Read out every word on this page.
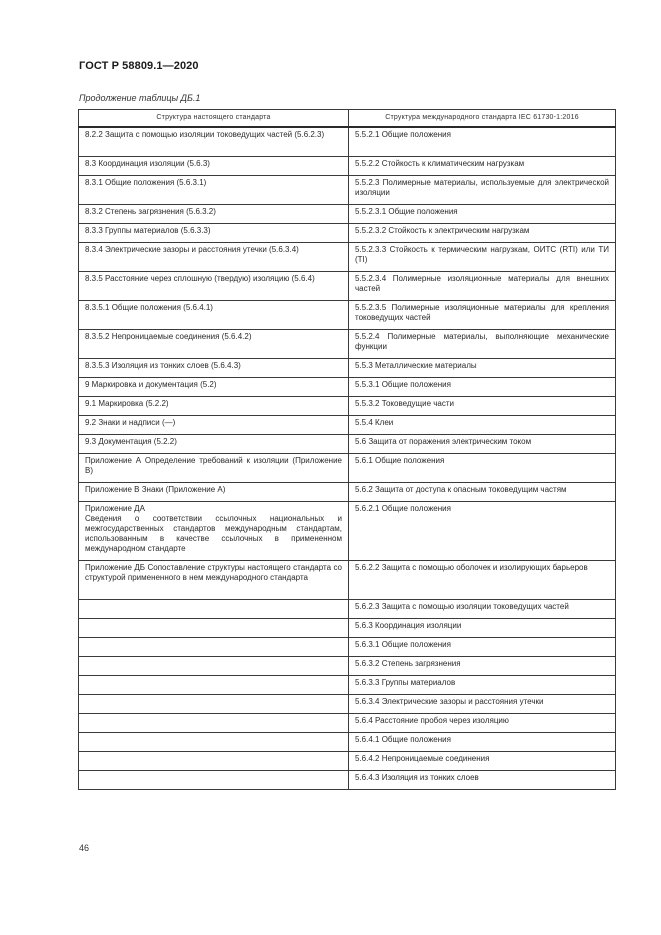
ГОСТ Р 58809.1—2020
Продолжение таблицы ДБ.1
Структура настоящего стандарта	Структура международного стандарта IEC 61730-1:2016
8.2.2 Защита с помощью изоляции токоведущих частей (5.6.2.3)	5.5.2.1 Общие положения
8.3 Координация изоляции (5.6.3)	5.5.2.2 Стойкость к климатическим нагрузкам
8.3.1 Общие положения (5.6.3.1)	5.5.2.3 Полимерные материалы, используемые для электрической изоляции
8.3.2 Степень загрязнения (5.6.3.2)	5.5.2.3.1 Общие положения
8.3.3 Группы материалов (5.6.3.3)	5.5.2.3.2 Стойкость к электрическим нагрузкам
8.3.4 Электрические зазоры и расстояния утечки (5.6.3.4)	5.5.2.3.3 Стойкость к термическим нагрузкам, ОИТС (RTI) или ТИ (TI)
8.3.5 Расстояние через сплошную (твердую) изоляцию (5.6.4)	5.5.2.3.4 Полимерные изоляционные материалы для внешних частей
8.3.5.1 Общие положения (5.6.4.1)	5.5.2.3.5 Полимерные изоляционные материалы для крепления токоведущих частей
8.3.5.2 Непроницаемые соединения (5.6.4.2)	5.5.2.4 Полимерные материалы, выполняющие механические функции
8.3.5.3 Изоляция из тонких слоев (5.6.4.3)	5.5.3 Металлические материалы
9 Маркировка и документация (5.2)	5.5.3.1 Общие положения
9.1 Маркировка (5.2.2)	5.5.3.2 Токоведущие части
9.2 Знаки и надписи (—)	5.5.4 Клеи
9.3 Документация (5.2.2)	5.6 Защита от поражения электрическим током
Приложение А Определение требований к изоляции (Приложение В)	5.6.1 Общие положения
Приложение В Знаки (Приложение А)	5.6.2 Защита от доступа к опасным токоведущим частям
Приложение ДА
Сведения о соответствии ссылочных национальных и межгосударственных стандартов международным стандартам, использованным в качестве ссылочных в примененном международном стандарте	5.6.2.1 Общие положения
Приложение ДБ Сопоставление структуры настоящего стандарта со структурой примененного в нем международного стандарта	5.6.2.2 Защита с помощью оболочек и изолирующих барьеров
	5.6.2.3 Защита с помощью изоляции токоведущих частей
	5.6.3 Координация изоляции
	5.6.3.1 Общие положения
	5.6.3.2 Степень загрязнения
	5.6.3.3 Группы материалов
	5.6.3.4 Электрические зазоры и расстояния утечки
	5.6.4 Расстояние пробоя через изоляцию
	5.6.4.1 Общие положения
	5.6.4.2 Непроницаемые соединения
	5.6.4.3 Изоляция из тонких слоев
46
